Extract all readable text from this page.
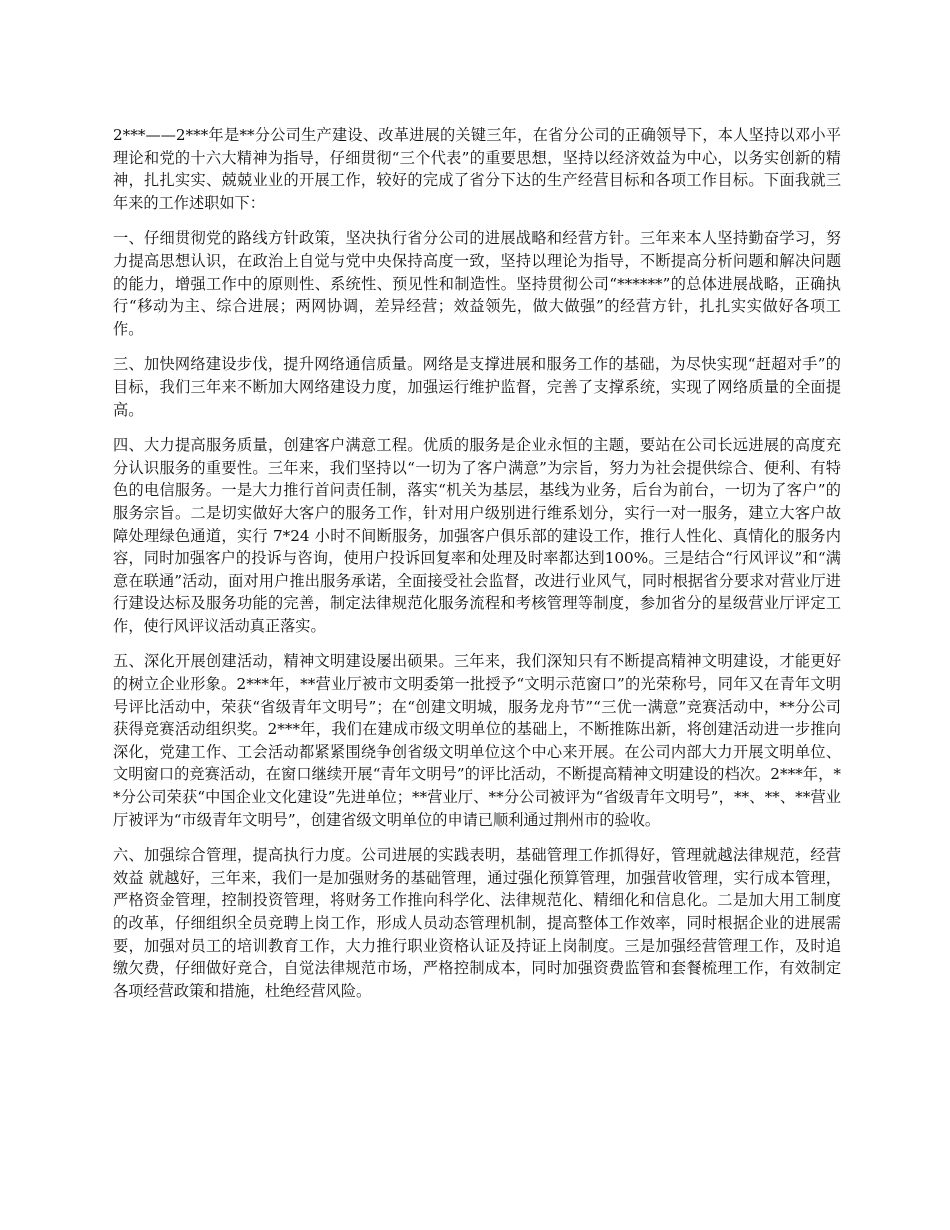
2***——2***年是**分公司生产建设、改革进展的关键三年，在省分公司的正确领导下，本人坚持以邓小平理论和党的十六大精神为指导，仔细贯彻“三个代表”的重要思想，坚持以经济效益为中心，以务实创新的精神，扎扎实实、兢兢业业的开展工作，较好的完成了省分下达的生产经营目标和各项工作目标。下面我就三年来的工作述职如下：

一、仔细贯彻党的路线方针政策，坚决执行省分公司的进展战略和经营方针。三年来本人坚持勤奋学习，努力提高思想认识，在政治上自觉与党中央保持高度一致，坚持以理论为指导，不断提高分析问题和解决问题的能力，增强工作中的原则性、系统性、预见性和制造性。坚持贯彻公司“******”的总体进展战略，正确执行“移动为主、综合进展；两网协调，差异经营；效益领先，做大做强”的经营方针，扎扎实实做好各项工作。

三、加快网络建设步伐，提升网络通信质量。网络是支撑进展和服务工作的基础，为尽快实现“赶超对手”的目标，我们三年来不断加大网络建设力度，加强运行维护监督，完善了支撑系统，实现了网络质量的全面提高。

四、大力提高服务质量，创建客户满意工程。优质的服务是企业永恒的主题，要站在公司长远进展的高度充分认识服务的重要性。三年来，我们坚持以“一切为了客户满意”为宗旨，努力为社会提供综合、便利、有特色的电信服务。一是大力推行首问责任制，落实“机关为基层，基线为业务，后台为前台，一切为了客户”的服务宗旨。二是切实做好大客户的服务工作，针对用户级别进行维系划分，实行一对一服务，建立大客户故障处理绿色通道，实行 7*24 小时不间断服务，加强客户俱乐部的建设工作，推行人性化、真情化的服务内容，同时加强客户的投诉与咨询，使用户投诉回复率和处理及时率都达到100%。三是结合“行风评议”和“满意在联通”活动，面对用户推出服务承诺，全面接受社会监督，改进行业风气，同时根据省分要求对营业厅进行建设达标及服务功能的完善，制定法律规范化服务流程和考核管理等制度，参加省分的星级营业厅评定工作，使行风评议活动真正落实。

五、深化开展创建活动，精神文明建设屡出硕果。三年来，我们深知只有不断提高精神文明建设，才能更好的树立企业形象。2***年，**营业厅被市文明委第一批授予“文明示范窗口”的光荣称号，同年又在青年文明号评比活动中，荣获“省级青年文明号”；在“创建文明城，服务龙舟节”“三优一满意”竞赛活动中，**分公司获得竞赛活动组织奖。2***年，我们在建成市级文明单位的基础上，不断推陈出新，将创建活动进一步推向深化，党建工作、工会活动都紧紧围绕争创省级文明单位这个中心来开展。在公司内部大力开展文明单位、文明窗口的竞赛活动，在窗口继续开展“青年文明号”的评比活动，不断提高精神文明建设的档次。2***年，**分公司荣获“中国企业文化建设”先进单位；**营业厅、**分公司被评为“省级青年文明号”，**、**、**营业厅被评为“市级青年文明号”，创建省级文明单位的申请已顺利通过荆州市的验收。

六、加强综合管理，提高执行力度。公司进展的实践表明，基础管理工作抓得好，管理就越法律规范，经营效益 就越好，三年来，我们一是加强财务的基础管理，通过强化预算管理，加强营收管理，实行成本管理，严格资金管理，控制投资管理，将财务工作推向科学化、法律规范化、精细化和信息化。二是加大用工制度的改革，仔细组织全员竞聘上岗工作，形成人员动态管理机制，提高整体工作效率，同时根据企业的进展需要，加强对员工的培训教育工作，大力推行职业资格认证及持证上岗制度。三是加强经营管理工作，及时追缴欠费，仔细做好竞合，自觉法律规范市场，严格控制成本，同时加强资费监管和套餐梳理工作，有效制定各项经营政策和措施，杜绝经营风险。
